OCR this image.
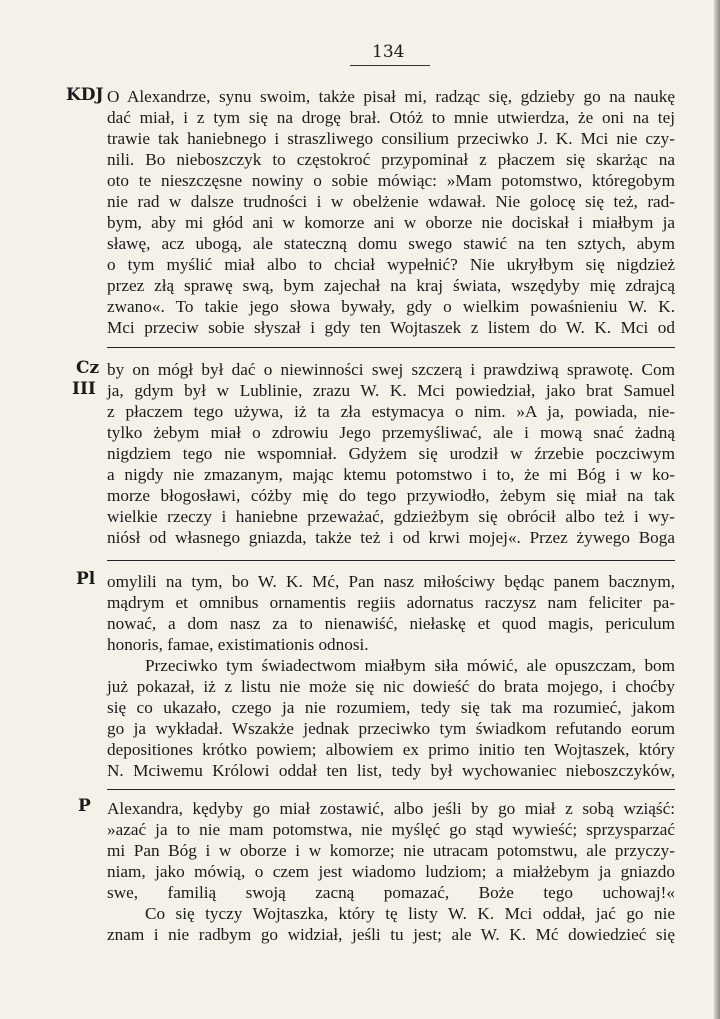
134
KDJ O Alexandrze, synu swoim, także pisał mi, radząc się, gdzieby go na naukę
dać miał, i z tym się na drogę brał. Otóż to mnie utwierdza, że oni na tej
trawie tak haniebnego i straszliwego consilium przeciwko J. K. Mci nie czy-
nili. Bo nieboszczyk to częstokroć przypominał z płaczem się skarżąc na
oto te nieszczęsne nowiny o sobie mówiąc: »Mam potomstwo, któregobym
nie rad w dalsze trudności i w obelżenie wdawał. Nie golocę się też, rad-
bym, aby mi głód ani w komorze ani w oborze nie dociskał i miałbym ja
sławę, acz ubogą, ale stateczną domu swego stawić na ten sztych, abym
o tym myślić miał albo to chciał wypełnić? Nie ukryłbym się nigdzież
przez złą sprawę swą, bym zajechał na kraj świata, wszędyby mię zdrajcą
zwano«. To takie jego słowa bywały, gdy o wielkim powaśnieniu W. K.
Mci przeciw sobie słyszał i gdy ten Wojtaszek z listem do W. K. Mci od
Cz
III
by on mógł był dać o niewinności swej szczerą i prawdziwą sprawotę. Com
ja, gdym był w Lublinie, zrazu W. K. Mci powiedział, jako brat Samuel
z płaczem tego używa, iż ta zła estymacya o nim. »A ja, powiada, nie-
tylko żebym miał o zdrowiu Jego przemyśliwać, ale i mową snać żadną
nigdziem tego nie wspomniał. Gdyżem się urodził w źrzebie poczciwym
a nigdy nie zmazanym, mając ktemu potomstwo i to, że mi Bóg i w ko-
morze błogosławi, cóżby mię do tego przywiodło, żebym się miał na tak
wielkie rzeczy i haniebne przeważać, gdzieżbym się obrócił albo też i wy-
niósł od własnego gniazda, także też i od krwi mojej«. Przez żywego Boga
Pl omylili na tym, bo W. K. Mć, Pan nasz miłościwy będąc panem bacznym,
mądrym et omnibus ornamentis regiis adornatus raczysz nam feliciter pa-
nować, a dom nasz za to nienawiść, niełaskę et quod magis, periculum
honoris, famae, existimationis odnosi.
Przeciwko tym świadectwom miałbym siła mówić, ale opuszczam, bom
już pokazał, iż z listu nie może się nic dowieść do brata mojego, i choćby
się co ukazało, czego ja nie rozumiem, tedy się tak ma rozumieć, jakom
go ja wykładał. Wszakże jednak przeciwko tym świadkom refutando eorum
depositiones krótko powiem; albowiem ex primo initio ten Wojtaszek, który
N. Mciwemu Królowi oddał ten list, tedy był wychowaniec nieboszczyków,
P Alexandra, kędyby go miał zostawić, albo jeśli by go miał z sobą wziąść:
»azać ja to nie mam potomstwa, nie myślęć go stąd wywieść; sprzysparzać
mi Pan Bóg i w oborze i w komorze; nie utracam potomstwu, ale przyczy-
niam, jako mówią, o czem jest wiadomo ludziom; a miałżebym ja gniazdo
swe, familią swoją zacną pomazać, Boże tego uchowaj!«
Co się tyczy Wojtaszka, który tę listy W. K. Mci oddał, jać go nie
znam i nie radbym go widział, jeśli tu jest; ale W. K. Mć dowiedzieć się
